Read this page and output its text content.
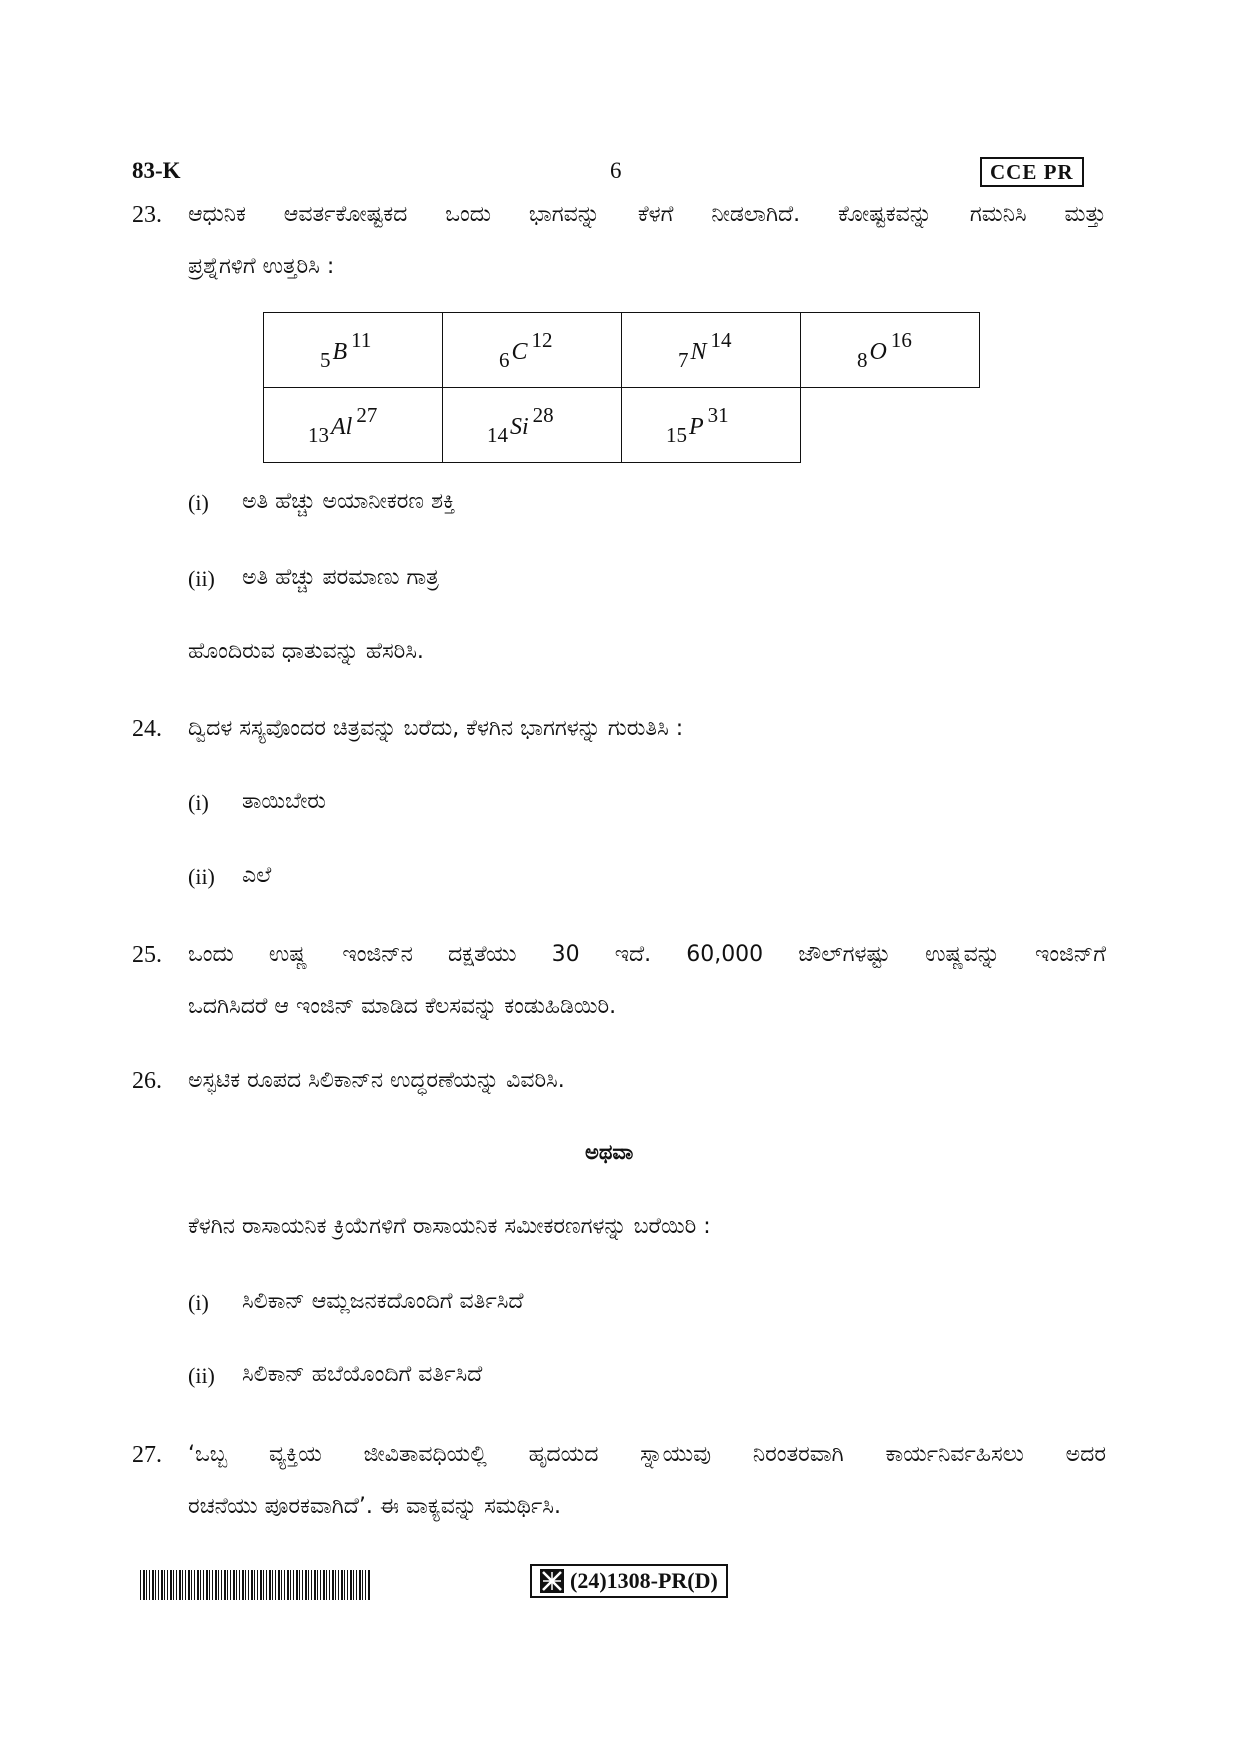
83-K	6	CCE PR
23. ಆಧುನಿಕ ಆವರ್ತಕೋಷ್ಟಕದ ಒಂದು ಭಾಗವನ್ನು ಕೆಳಗೆ ನೀಡಲಾಗಿದೆ. ಕೋಷ್ಟಕವನ್ನು ಗಮನಿಸಿ ಮತ್ತು
ಪ್ರಶ್ನೆಗಳಿಗೆ ಉತ್ತರಿಸಿ :
$_5$B $^{11}$	$_6$C $^{12}$	$_7$N $^{14}$	$_8$O $^{16}$
$_{13}$Al $^{27}$	$_{14}$Si $^{28}$	$_{15}$P $^{31}$	
(i) ಅತಿ ಹೆಚ್ಚು ಅಯಾನೀಕರಣ ಶಕ್ತಿ
(ii) ಅತಿ ಹೆಚ್ಚು ಪರಮಾಣು ಗಾತ್ರ
ಹೊಂದಿರುವ ಧಾತುವನ್ನು ಹೆಸರಿಸಿ.
24. ದ್ವಿದಳ ಸಸ್ಯವೊಂದರ ಚಿತ್ರವನ್ನು ಬರೆದು, ಕೆಳಗಿನ ಭಾಗಗಳನ್ನು ಗುರುತಿಸಿ :
(i) ತಾಯಿಬೇರು
(ii) ಎಲೆ
25. ಒಂದು ಉಷ್ಣ ಇಂಜಿನ್‌ನ ದಕ್ಷತೆಯು 30 ಇದೆ. 60,000 ಜೌಲ್‌ಗಳಷ್ಟು ಉಷ್ಣವನ್ನು ಇಂಜಿನ್‌ಗೆ
ಒದಗಿಸಿದರೆ ಆ ಇಂಜಿನ್ ಮಾಡಿದ ಕೆಲಸವನ್ನು ಕಂಡುಹಿಡಿಯಿರಿ.
26. ಅಸ್ಫಟಿಕ ರೂಪದ ಸಿಲಿಕಾನ್‌ನ ಉದ್ಧರಣೆಯನ್ನು ವಿವರಿಸಿ.
ಅಥವಾ
ಕೆಳಗಿನ ರಾಸಾಯನಿಕ ಕ್ರಿಯೆಗಳಿಗೆ ರಾಸಾಯನಿಕ ಸಮೀಕರಣಗಳನ್ನು ಬರೆಯಿರಿ :
(i) ಸಿಲಿಕಾನ್ ಆಮ್ಲಜನಕದೊಂದಿಗೆ ವರ್ತಿಸಿದೆ
(ii) ಸಿಲಿಕಾನ್ ಹಬೆಯೊಂದಿಗೆ ವರ್ತಿಸಿದೆ
27. ‘ಒಬ್ಬ ವ್ಯಕ್ತಿಯ ಜೀವಿತಾವಧಿಯಲ್ಲಿ ಹೃದಯದ ಸ್ನಾಯುವು ನಿರಂತರವಾಗಿ ಕಾರ್ಯನಿರ್ವಹಿಸಲು ಅದರ
ರಚನೆಯು ಪೂರಕವಾಗಿದೆ’. ಈ ವಾಕ್ಯವನ್ನು ಸಮರ್ಥಿಸಿ.
(24)1308-PR(D)
